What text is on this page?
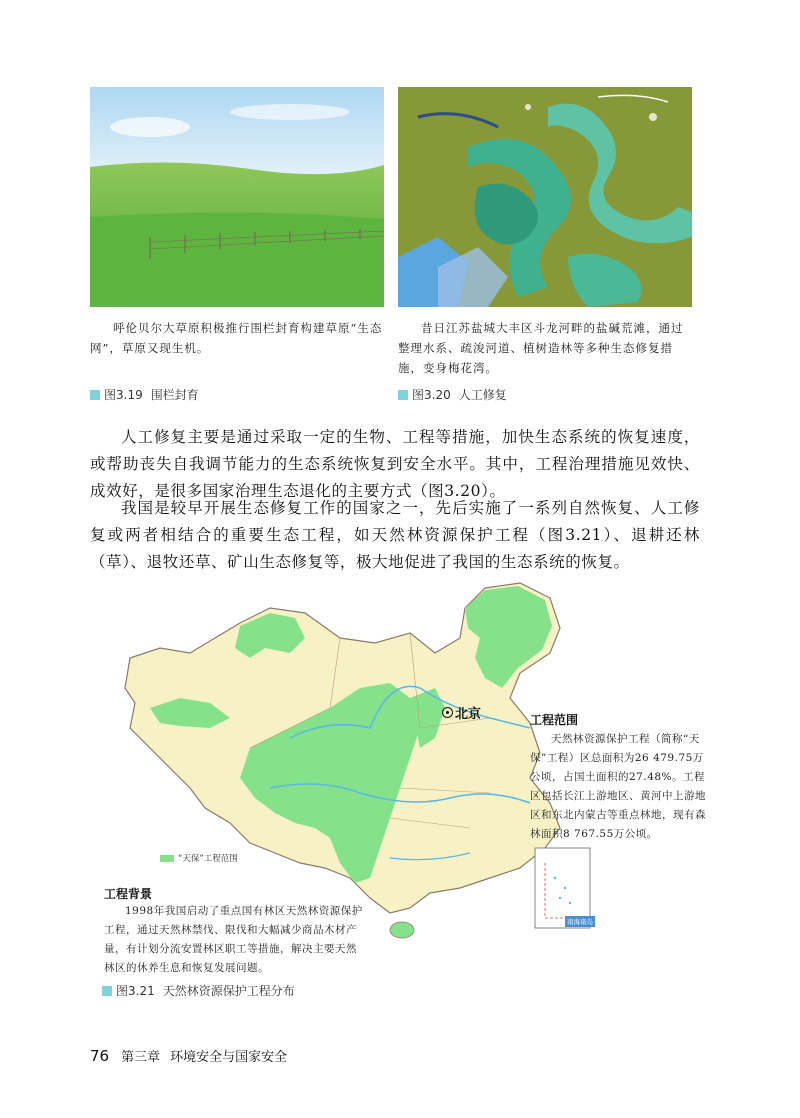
呼伦贝尔大草原积极推行围栏封育构建草原“生态网”，草原又现生机。
昔日江苏盐城大丰区斗龙河畔的盐碱荒滩，通过整理水系、疏浚河道、植树造林等多种生态修复措施，变身梅花湾。
图3.19 围栏封育	图3.20 人工修复
人工修复主要是通过采取一定的生物、工程等措施，加快生态系统的恢复速度，或帮助丧失自我调节能力的生态系统恢复到安全水平。其中，工程治理措施见效快、成效好，是很多国家治理生态退化的主要方式（图3.20）。
我国是较早开展生态修复工作的国家之一，先后实施了一系列自然恢复、人工修复或两者相结合的重要生态工程，如天然林资源保护工程（图3.21）、退耕还林（草）、退牧还草、矿山生态修复等，极大地促进了我国的生态系统的恢复。
北京
“天保”工程范围
南海诸岛
工程范围
天然林资源保护工程（简称“天保”工程）区总面积为26 479.75万公顷，占国土面积的27.48%。工程区包括长江上游地区、黄河中上游地区和东北内蒙古等重点林地，现有森林面积8 767.55万公顷。
工程背景
1998年我国启动了重点国有林区天然林资源保护工程，通过天然林禁伐、限伐和大幅减少商品木材产量，有计划分流安置林区职工等措施，解决主要天然林区的休养生息和恢复发展问题。
图3.21 天然林资源保护工程分布
76 第三章 环境安全与国家安全
